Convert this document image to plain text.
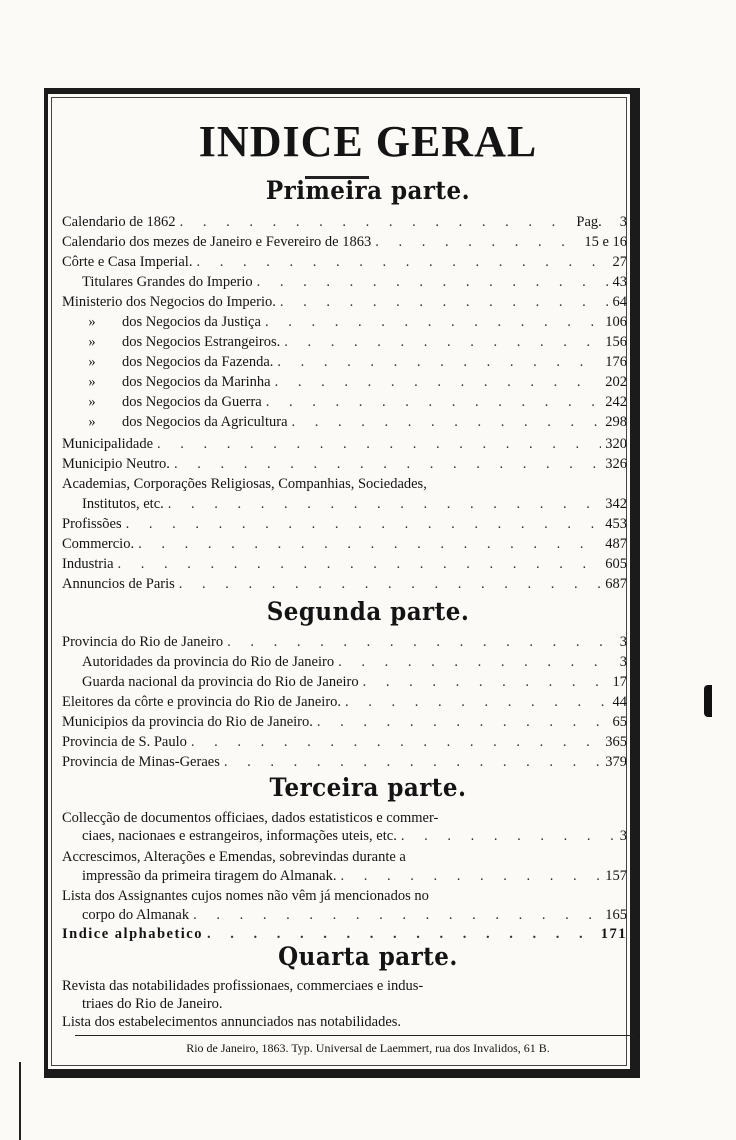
INDICE GERAL
Primeira parte.
Calendario de 1862 . . .	Pag. 3
Calendario dos mezes de Janeiro e Fevereiro de 1863 . . .	15 e 16
Côrte e Casa Imperial. . . .	27
Titulares Grandes do Imperio . . .	43
Ministerio dos Negocios do Imperio. . . .	64
» dos Negocios da Justiça . . .	106
» dos Negocios Estrangeiros. . . .	156
» dos Negocios da Fazenda. . . .	176
» dos Negocios da Marinha . . .	202
» dos Negocios da Guerra . . .	242
» dos Negocios da Agricultura . . .	298
Municipalidade . . .	320
Municipio Neutro. . . .	326
Academias, Corporações Religiosas, Companhias, Sociedades,
Institutos, etc. . . .	342
Profissões . . .	453
Commercio. . . .	487
Industria . . .	605
Annuncios de Paris . . .	687
Segunda parte.
Provincia do Rio de Janeiro . . .	3
Autoridades da provincia do Rio de Janeiro . . .	3
Guarda nacional da provincia do Rio de Janeiro . . .	17
Eleitores da côrte e provincia do Rio de Janeiro. . . .	44
Municipios da provincia do Rio de Janeiro. . . .	65
Provincia de S. Paulo . . .	365
Provincia de Minas-Geraes . . .	379
Terceira parte.
Collecção de documentos officiaes, dados estatisticos e commer-
ciaes, nacionaes e estrangeiros, informações uteis, etc. . . .	3
Accrescimos, Alterações e Emendas, sobrevindas durante a
impressão da primeira tiragem do Almanak. . . .	157
Lista dos Assignantes cujos nomes não vêm já mencionados no
corpo do Almanak . . .	165
Indice alphabetico . . .	171
Quarta parte.
Revista das notabilidades profissionaes, commerciaes e indus-
triaes do Rio de Janeiro.
Lista dos estabelecimentos annunciados nas notabilidades.
Rio de Janeiro, 1863. Typ. Universal de Laemmert, rua dos Invalidos, 61 B.
